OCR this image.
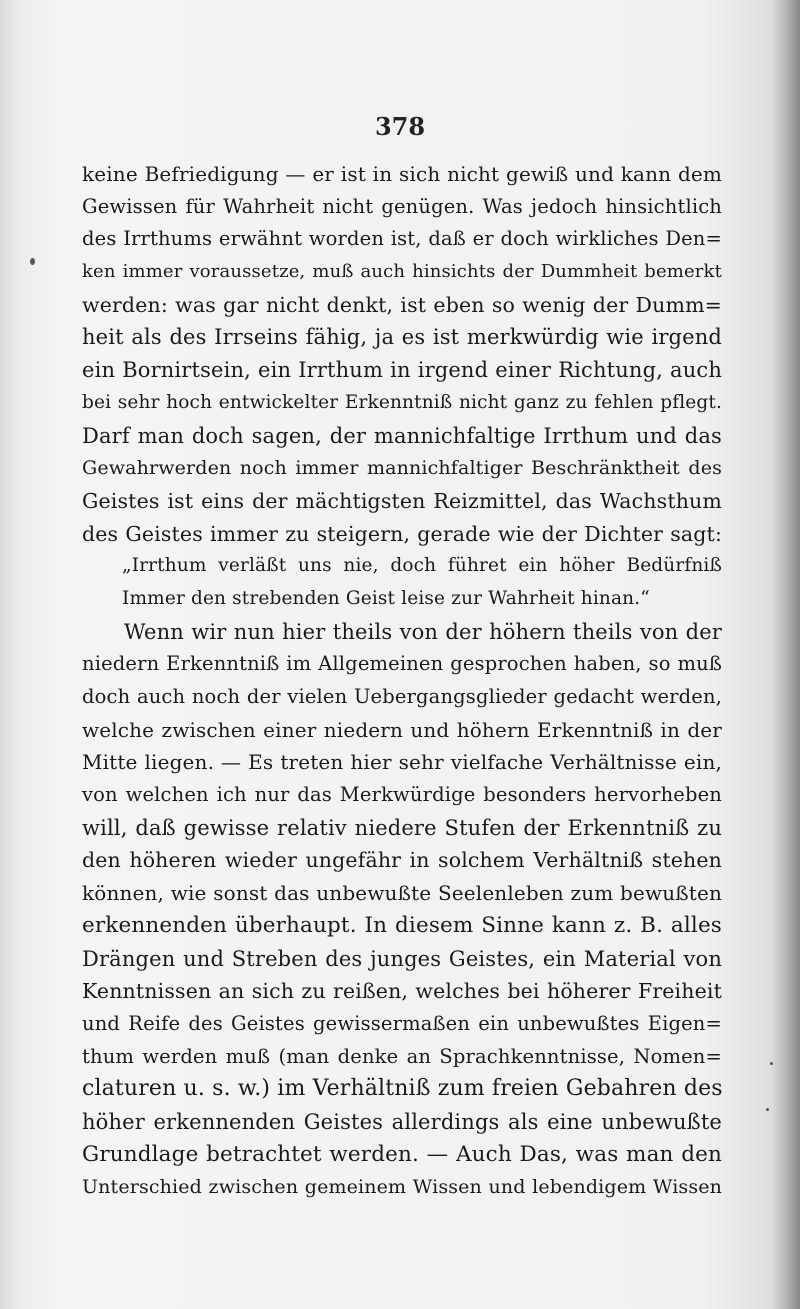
378
keine Befriedigung — er ist in sich nicht gewiß und kann dem
Gewissen für Wahrheit nicht genügen. Was jedoch hinsichtlich
des Irrthums erwähnt worden ist, daß er doch wirkliches Den=
ken immer voraussetze, muß auch hinsichts der Dummheit bemerkt
werden: was gar nicht denkt, ist eben so wenig der Dumm=
heit als des Irrseins fähig, ja es ist merkwürdig wie irgend
ein Bornirtsein, ein Irrthum in irgend einer Richtung, auch
bei sehr hoch entwickelter Erkenntniß nicht ganz zu fehlen pflegt.
Darf man doch sagen, der mannichfaltige Irrthum und das
Gewahrwerden noch immer mannichfaltiger Beschränktheit des
Geistes ist eins der mächtigsten Reizmittel, das Wachsthum
des Geistes immer zu steigern, gerade wie der Dichter sagt:
„Irrthum verläßt uns nie, doch führet ein höher Bedürfniß
Immer den strebenden Geist leise zur Wahrheit hinan.“
Wenn wir nun hier theils von der höhern theils von der
niedern Erkenntniß im Allgemeinen gesprochen haben, so muß
doch auch noch der vielen Uebergangsglieder gedacht werden,
welche zwischen einer niedern und höhern Erkenntniß in der
Mitte liegen. — Es treten hier sehr vielfache Verhältnisse ein,
von welchen ich nur das Merkwürdige besonders hervorheben
will, daß gewisse relativ niedere Stufen der Erkenntniß zu
den höheren wieder ungefähr in solchem Verhältniß stehen
können, wie sonst das unbewußte Seelenleben zum bewußten
erkennenden überhaupt. In diesem Sinne kann z. B. alles
Drängen und Streben des junges Geistes, ein Material von
Kenntnissen an sich zu reißen, welches bei höherer Freiheit
und Reife des Geistes gewissermaßen ein unbewußtes Eigen=
thum werden muß (man denke an Sprachkenntnisse, Nomen=
claturen u. s. w.) im Verhältniß zum freien Gebahren des
höher erkennenden Geistes allerdings als eine unbewußte
Grundlage betrachtet werden. — Auch Das, was man den
Unterschied zwischen gemeinem Wissen und lebendigem Wissen
